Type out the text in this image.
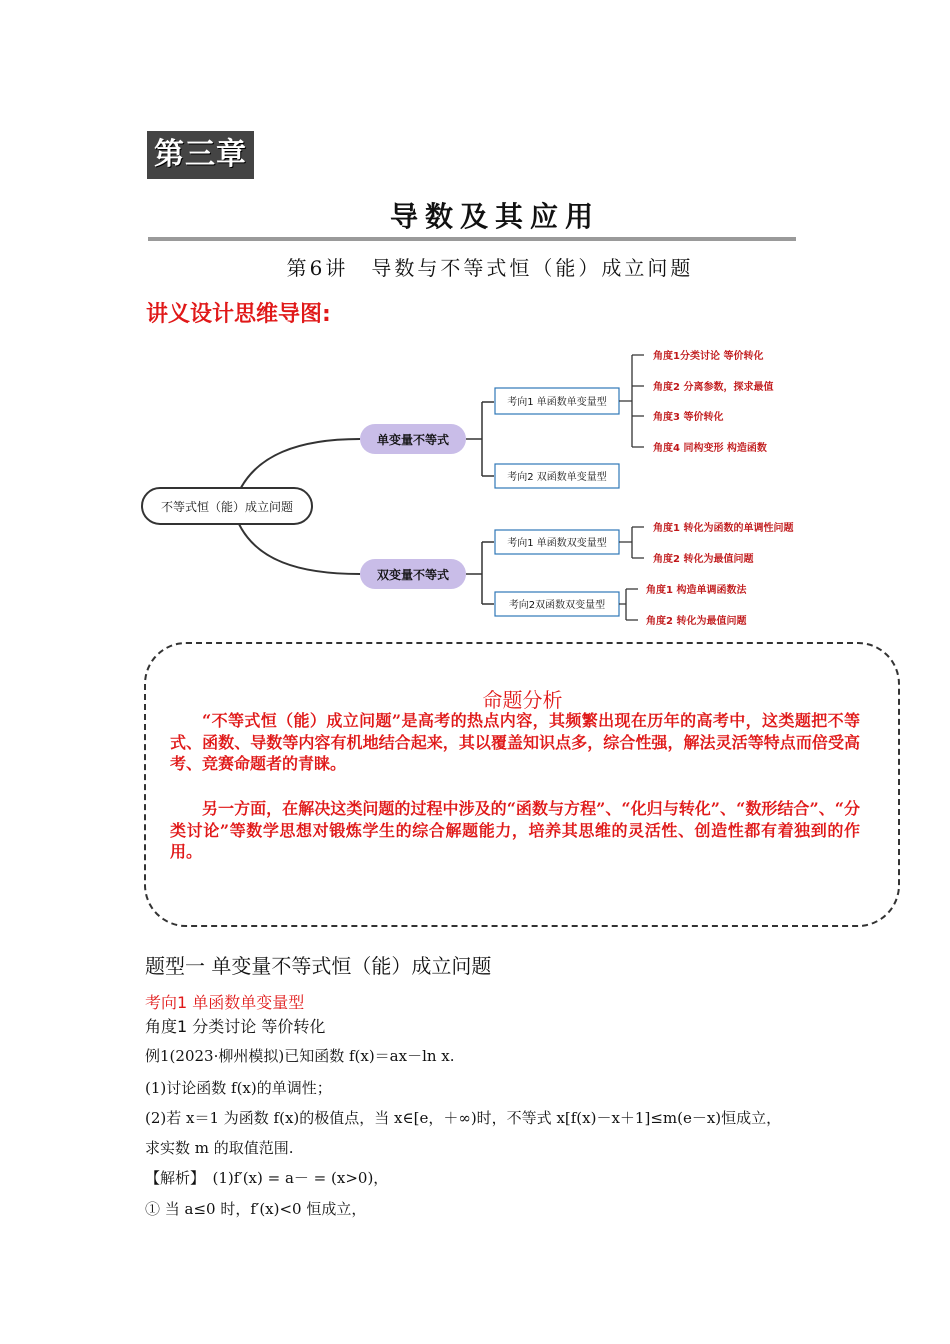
第三章
导数及其应用
第6讲　导数与不等式恒（能）成立问题
讲义设计思维导图:
不等式恒（能）成立问题
单变量不等式
考向1 单函数单变量型
角度1分类讨论 等价转化
角度2 分离参数，探求最值
角度3 等价转化
角度4 同构变形 构造函数
考向2 双函数单变量型
双变量不等式
考向1 单函数双变量型
角度1 转化为函数的单调性问题
角度2 转化为最值问题
考向2双函数双变量型
角度1 构造单调函数法
角度2 转化为最值问题
命题分析
“不等式恒（能）成立问题”是高考的热点内容，其频繁出现在历年的高考中，这类题把不等式、函数、导数等内容有机地结合起来，其以覆盖知识点多，综合性强，解法灵活等特点而倍受高考、竞赛命题者的青睐。
另一方面，在解决这类问题的过程中涉及的“函数与方程”、“化归与转化”、“数形结合”、“分类讨论”等数学思想对锻炼学生的综合解题能力，培养其思维的灵活性、创造性都有着独到的作用。
题型一 单变量不等式恒（能）成立问题
考向1 单函数单变量型
角度1 分类讨论 等价转化
例1(2023·柳州模拟)已知函数 f(x)＝ax－ln x.
(1)讨论函数 f(x)的单调性；
(2)若 x＝1 为函数 f(x)的极值点，当 x∈[e，＋∞)时，不等式 x[f(x)－x＋1]≤m(e－x)恒成立，
求实数 m 的取值范围.
【解析】　(1)f′(x) = a－ = (x>0)，
① 当 a≤0 时，f′(x)<0 恒成立，
